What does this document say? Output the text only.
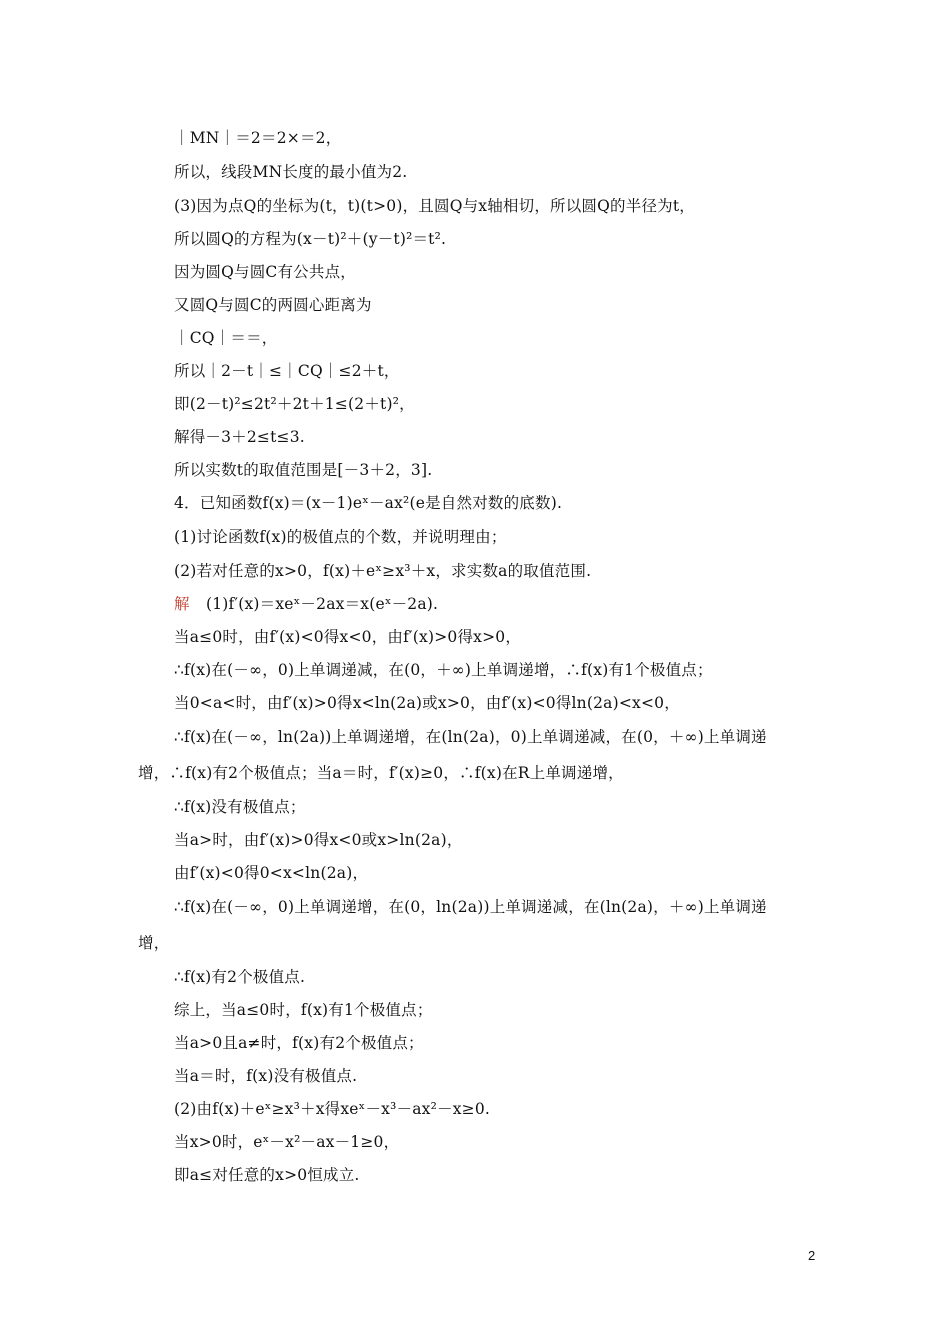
｜MN｜＝2＝2×＝2，
所以，线段MN长度的最小值为2.
(3)因为点Q的坐标为(t，t)(t>0)，且圆Q与x轴相切，所以圆Q的半径为t，
所以圆Q的方程为(x－t)²＋(y－t)²＝t².
因为圆Q与圆C有公共点，
又圆Q与圆C的两圆心距离为
｜CQ｜＝＝，
所以｜2－t｜≤｜CQ｜≤2＋t，
即(2－t)²≤2t²＋2t＋1≤(2＋t)²，
解得－3＋2≤t≤3.
所以实数t的取值范围是[－3＋2，3].
4．已知函数f(x)＝(x－1)eˣ－ax²(e是自然对数的底数).
(1)讨论函数f(x)的极值点的个数，并说明理由；
(2)若对任意的x>0，f(x)＋eˣ≥x³＋x，求实数a的取值范围.
解 (1)f′(x)＝xeˣ－2ax＝x(eˣ－2a).
当a≤0时，由f′(x)<0得x<0，由f′(x)>0得x>0，
∴f(x)在(－∞，0)上单调递减，在(0，＋∞)上单调递增，∴f(x)有1个极值点；
当0<a<时，由f′(x)>0得x<ln(2a)或x>0，由f′(x)<0得ln(2a)<x<0，
∴f(x)在(－∞，ln(2a))上单调递增，在(ln(2a)，0)上单调递减，在(0，＋∞)上单调递
增，∴f(x)有2个极值点；当a＝时，f′(x)≥0，∴f(x)在R上单调递增，
∴f(x)没有极值点；
当a>时，由f′(x)>0得x<0或x>ln(2a)，
由f′(x)<0得0<x<ln(2a)，
∴f(x)在(－∞，0)上单调递增，在(0，ln(2a))上单调递减，在(ln(2a)，＋∞)上单调递
增，
∴f(x)有2个极值点.
综上，当a≤0时，f(x)有1个极值点；
当a>0且a≠时，f(x)有2个极值点；
当a＝时，f(x)没有极值点.
(2)由f(x)＋eˣ≥x³＋x得xeˣ－x³－ax²－x≥0.
当x>0时，eˣ－x²－ax－1≥0，
即a≤对任意的x>0恒成立.
2
